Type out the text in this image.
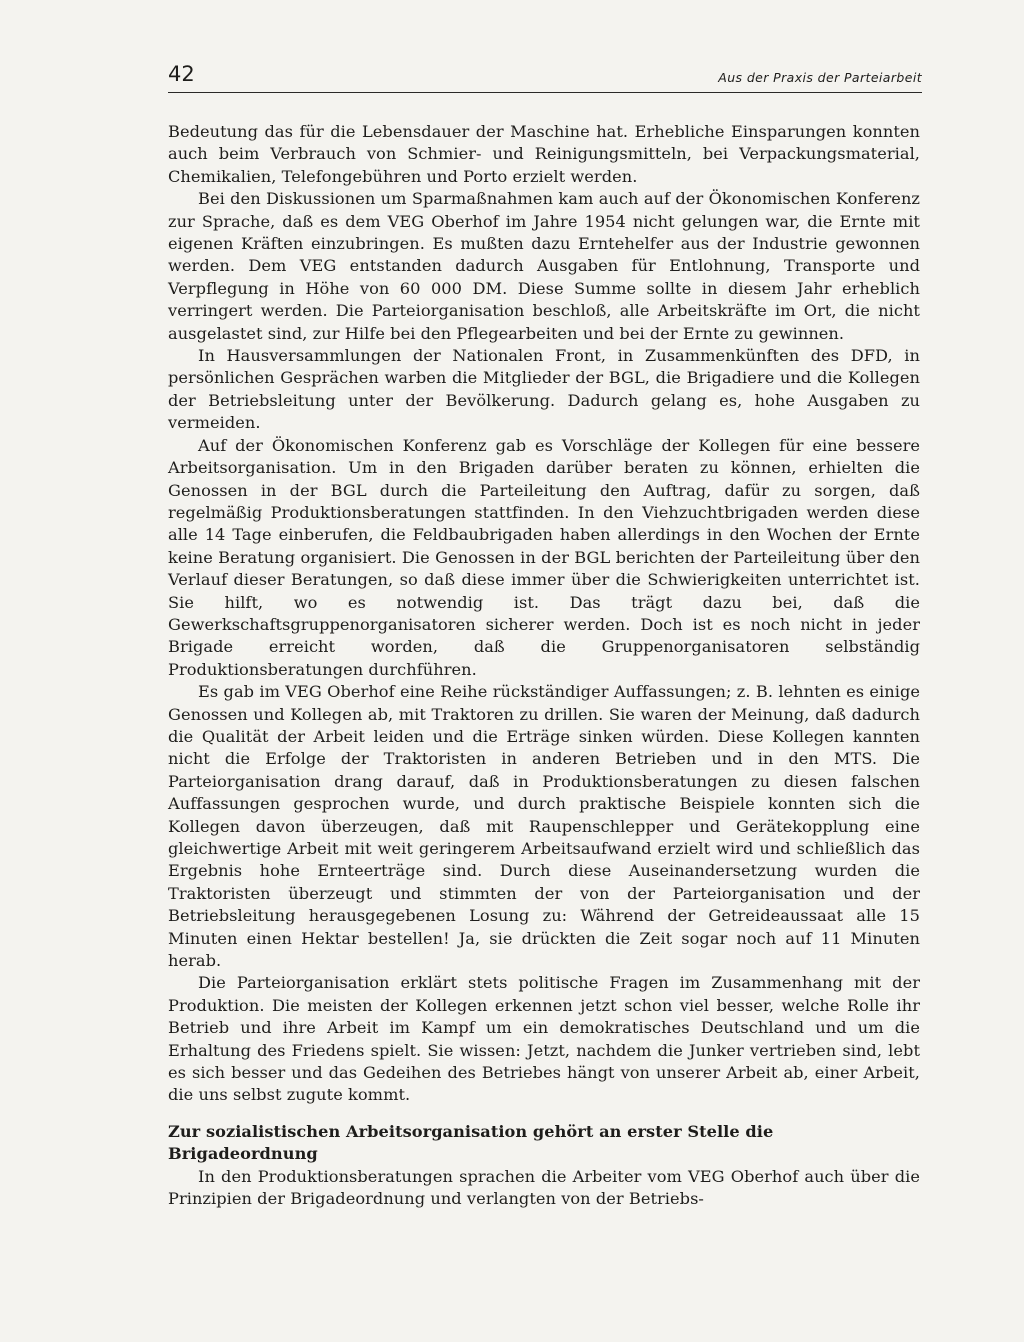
42	Aus der Praxis der Parteiarbeit

Bedeutung das für die Lebensdauer der Maschine hat. Erhebliche Einsparungen konnten auch beim Verbrauch von Schmier- und Reinigungsmitteln, bei Verpackungsmaterial, Chemikalien, Telefongebühren und Porto erzielt werden.

Bei den Diskussionen um Sparmaßnahmen kam auch auf der Ökonomischen Konferenz zur Sprache, daß es dem VEG Oberhof im Jahre 1954 nicht gelungen war, die Ernte mit eigenen Kräften einzubringen. Es mußten dazu Erntehelfer aus der Industrie gewonnen werden. Dem VEG entstanden dadurch Ausgaben für Entlohnung, Transporte und Verpflegung in Höhe von 60 000 DM. Diese Summe sollte in diesem Jahr erheblich verringert werden. Die Parteiorganisation beschloß, alle Arbeitskräfte im Ort, die nicht ausgelastet sind, zur Hilfe bei den Pflegearbeiten und bei der Ernte zu gewinnen.

In Hausversammlungen der Nationalen Front, in Zusammenkünften des DFD, in persönlichen Gesprächen warben die Mitglieder der BGL, die Brigadiere und die Kollegen der Betriebsleitung unter der Bevölkerung. Dadurch gelang es, hohe Ausgaben zu vermeiden.

Auf der Ökonomischen Konferenz gab es Vorschläge der Kollegen für eine bessere Arbeitsorganisation. Um in den Brigaden darüber beraten zu können, erhielten die Genossen in der BGL durch die Parteileitung den Auftrag, dafür zu sorgen, daß regelmäßig Produktionsberatungen stattfinden. In den Viehzuchtbrigaden werden diese alle 14 Tage einberufen, die Feldbaubrigaden haben allerdings in den Wochen der Ernte keine Beratung organisiert. Die Genossen in der BGL berichten der Parteileitung über den Verlauf dieser Beratungen, so daß diese immer über die Schwierigkeiten unterrichtet ist. Sie hilft, wo es notwendig ist. Das trägt dazu bei, daß die Gewerkschaftsgruppenorganisatoren sicherer werden. Doch ist es noch nicht in jeder Brigade erreicht worden, daß die Gruppenorganisatoren selbständig Produktionsberatungen durchführen.

Es gab im VEG Oberhof eine Reihe rückständiger Auffassungen; z. B. lehnten es einige Genossen und Kollegen ab, mit Traktoren zu drillen. Sie waren der Meinung, daß dadurch die Qualität der Arbeit leiden und die Erträge sinken würden. Diese Kollegen kannten nicht die Erfolge der Traktoristen in anderen Betrieben und in den MTS. Die Parteiorganisation drang darauf, daß in Produktionsberatungen zu diesen falschen Auffassungen gesprochen wurde, und durch praktische Beispiele konnten sich die Kollegen davon überzeugen, daß mit Raupenschlepper und Gerätekopplung eine gleichwertige Arbeit mit weit geringerem Arbeitsaufwand erzielt wird und schließlich das Ergebnis hohe Ernteerträge sind. Durch diese Auseinandersetzung wurden die Traktoristen überzeugt und stimmten der von der Parteiorganisation und der Betriebsleitung herausgegebenen Losung zu: Während der Getreideaussaat alle 15 Minuten einen Hektar bestellen! Ja, sie drückten die Zeit sogar noch auf 11 Minuten herab.

Die Parteiorganisation erklärt stets politische Fragen im Zusammenhang mit der Produktion. Die meisten der Kollegen erkennen jetzt schon viel besser, welche Rolle ihr Betrieb und ihre Arbeit im Kampf um ein demokratisches Deutschland und um die Erhaltung des Friedens spielt. Sie wissen: Jetzt, nachdem die Junker vertrieben sind, lebt es sich besser und das Gedeihen des Betriebes hängt von unserer Arbeit ab, einer Arbeit, die uns selbst zugute kommt.

Zur sozialistischen Arbeitsorganisation gehört an erster Stelle die Brigadeordnung

In den Produktionsberatungen sprachen die Arbeiter vom VEG Oberhof auch über die Prinzipien der Brigadeordnung und verlangten von der Betriebs-
